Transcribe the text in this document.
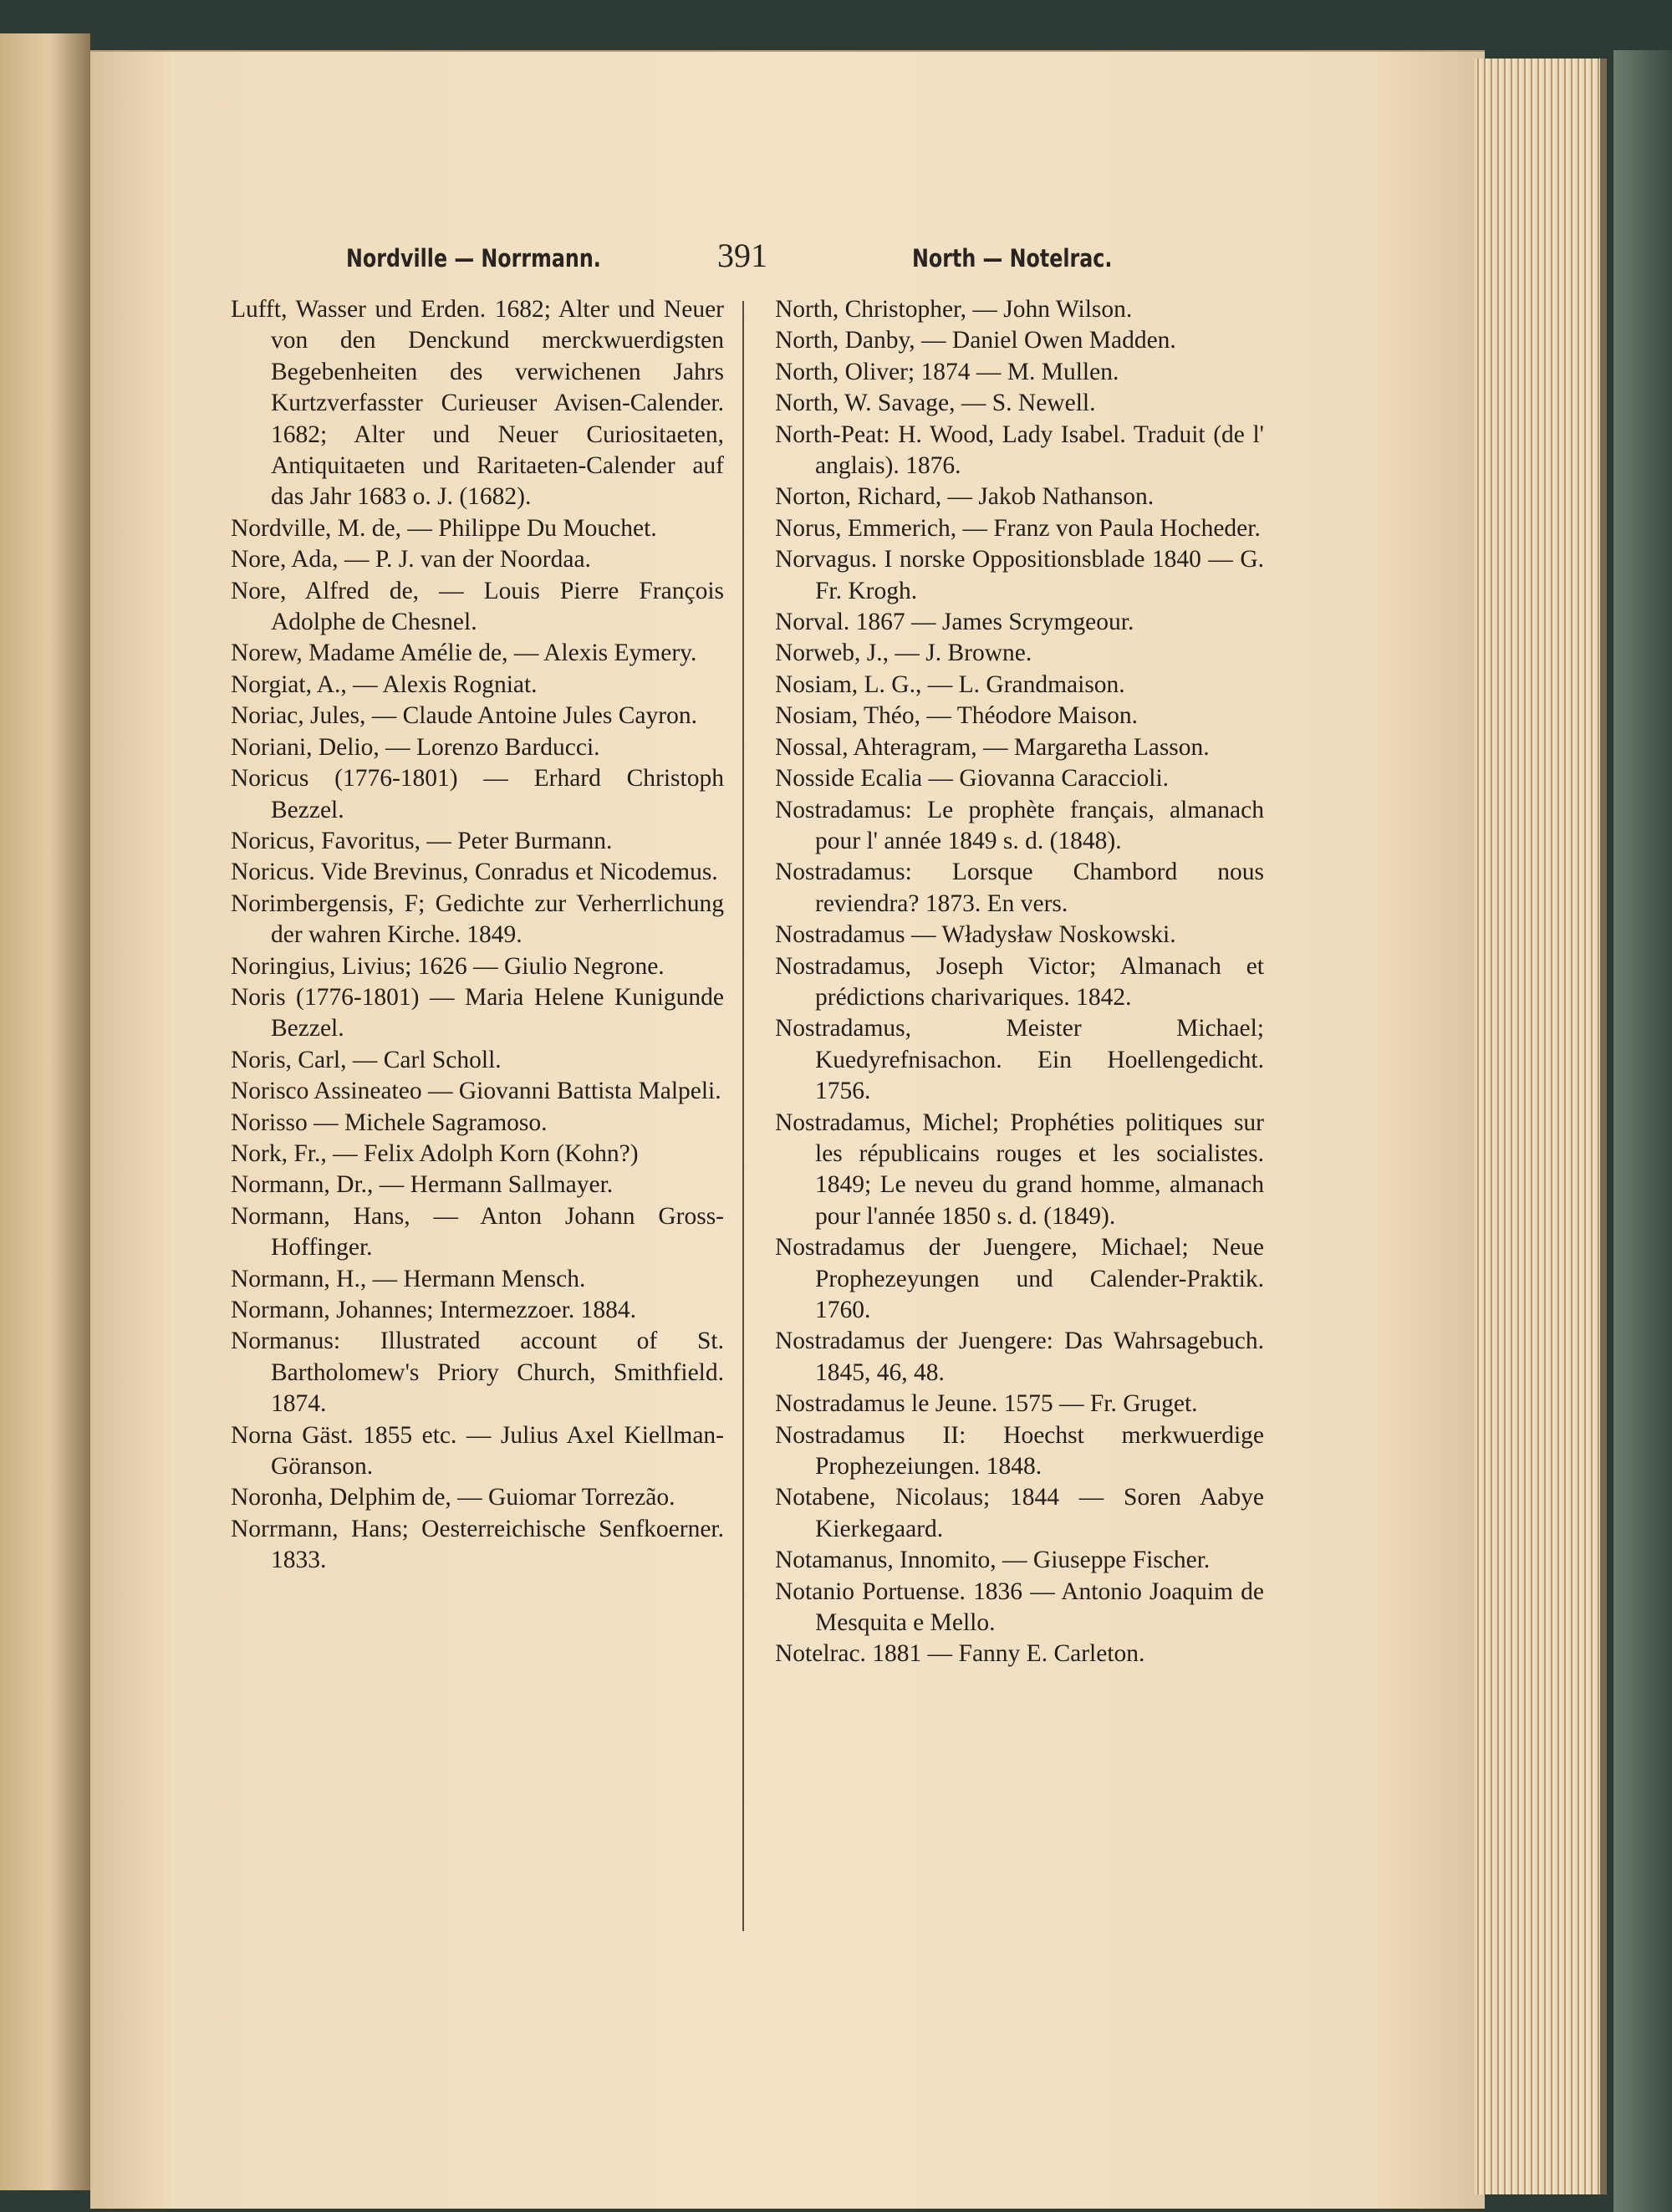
Nordville — Norrmann.	391	North — Notelrac.

Lufft, Wasser und Erden. 1682; Alter und Neuer von den Denckund merckwuerdigsten Begebenheiten des verwichenen Jahrs Kurtzverfasster Curieuser Avisen-Calender. 1682; Alter und Neuer Curiositaeten, Antiquitaeten und Raritaeten-Calender auf das Jahr 1683 o. J. (1682).

Nordville, M. de, — Philippe Du Mouchet.

Nore, Ada, — P. J. van der Noordaa.

Nore, Alfred de, — Louis Pierre François Adolphe de Chesnel.

Norew, Madame Amélie de, — Alexis Eymery.

Norgiat, A., — Alexis Rogniat.

Noriac, Jules, — Claude Antoine Jules Cayron.

Noriani, Delio, — Lorenzo Barducci.

Noricus (1776-1801) — Erhard Christoph Bezzel.

Noricus, Favoritus, — Peter Burmann.

Noricus. Vide Brevinus, Conradus et Nicodemus.

Norimbergensis, F; Gedichte zur Verherrlichung der wahren Kirche. 1849.

Noringius, Livius; 1626 — Giulio Negrone.

Noris (1776-1801) — Maria Helene Kunigunde Bezzel.

Noris, Carl, — Carl Scholl.

Norisco Assineateo — Giovanni Battista Malpeli.

Norisso — Michele Sagramoso.

Nork, Fr., — Felix Adolph Korn (Kohn?)

Normann, Dr., — Hermann Sallmayer.

Normann, Hans, — Anton Johann Gross-Hoffinger.

Normann, H., — Hermann Mensch.

Normann, Johannes; Intermezzoer. 1884.

Normanus: Illustrated account of St. Bartholomew's Priory Church, Smithfield. 1874.

Norna Gäst. 1855 etc. — Julius Axel Kiellman-Göranson.

Noronha, Delphim de, — Guiomar Torrezão.

Norrmann, Hans; Oesterreichische Senfkoerner. 1833.

North, Christopher, — John Wilson.

North, Danby, — Daniel Owen Madden.

North, Oliver; 1874 — M. Mullen.

North, W. Savage, — S. Newell.

North-Peat: H. Wood, Lady Isabel. Traduit (de l' anglais). 1876.

Norton, Richard, — Jakob Nathanson.

Norus, Emmerich, — Franz von Paula Hocheder.

Norvagus. I norske Oppositionsblade 1840 — G. Fr. Krogh.

Norval. 1867 — James Scrymgeour.

Norweb, J., — J. Browne.

Nosiam, L. G., — L. Grandmaison.

Nosiam, Théo, — Théodore Maison.

Nossal, Ahteragram, — Margaretha Lasson.

Nosside Ecalia — Giovanna Caraccioli.

Nostradamus: Le prophète français, almanach pour l' année 1849 s. d. (1848).

Nostradamus: Lorsque Chambord nous reviendra? 1873. En vers.

Nostradamus — Władysław Noskowski.

Nostradamus, Joseph Victor; Almanach et prédictions charivariques. 1842.

Nostradamus, Meister Michael; Kuedyrefnisachon. Ein Hoellengedicht. 1756.

Nostradamus, Michel; Prophéties politiques sur les républicains rouges et les socialistes. 1849; Le neveu du grand homme, almanach pour l'année 1850 s. d. (1849).

Nostradamus der Juengere, Michael; Neue Prophezeyungen und Calender-Praktik. 1760.

Nostradamus der Juengere: Das Wahrsagebuch. 1845, 46, 48.

Nostradamus le Jeune. 1575 — Fr. Gruget.

Nostradamus II: Hoechst merkwuerdige Prophezeiungen. 1848.

Notabene, Nicolaus; 1844 — Soren Aabye Kierkegaard.

Notamanus, Innomito, — Giuseppe Fischer.

Notanio Portuense. 1836 — Antonio Joaquim de Mesquita e Mello.

Notelrac. 1881 — Fanny E. Carleton.
